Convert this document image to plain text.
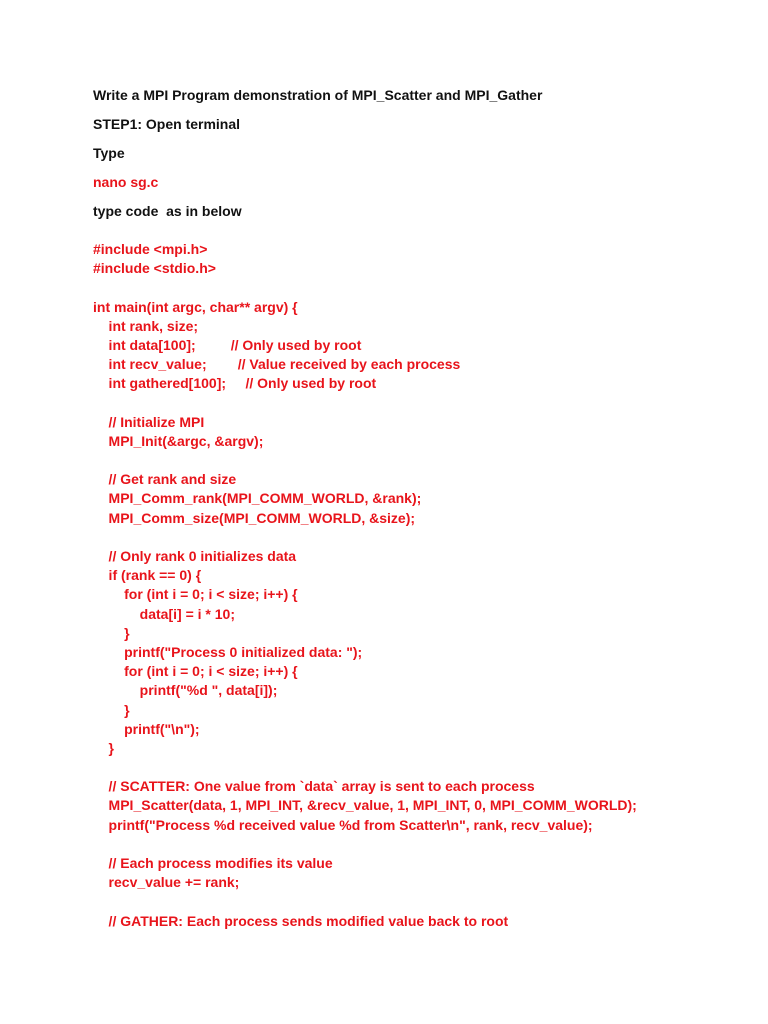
Write a MPI Program demonstration of MPI_Scatter and MPI_Gather

STEP1: Open terminal

Type

nano sg.c

type code  as in below

#include <mpi.h>
#include <stdio.h>
int main(int argc, char** argv) {
int rank, size;
int data[100];         // Only used by root
int recv_value;        // Value received by each process
int gathered[100];     // Only used by root
// Initialize MPI
MPI_Init(&argc, &argv);
// Get rank and size
MPI_Comm_rank(MPI_COMM_WORLD, &rank);
MPI_Comm_size(MPI_COMM_WORLD, &size);
// Only rank 0 initializes data
if (rank == 0) {
for (int i = 0; i < size; i++) {
data[i] = i * 10;
}
printf("Process 0 initialized data: ");
for (int i = 0; i < size; i++) {
printf("%d ", data[i]);
}
printf("\n");
}
// SCATTER: One value from `data` array is sent to each process
MPI_Scatter(data, 1, MPI_INT, &recv_value, 1, MPI_INT, 0, MPI_COMM_WORLD);
printf("Process %d received value %d from Scatter\n", rank, recv_value);
// Each process modifies its value
recv_value += rank;
// GATHER: Each process sends modified value back to root
